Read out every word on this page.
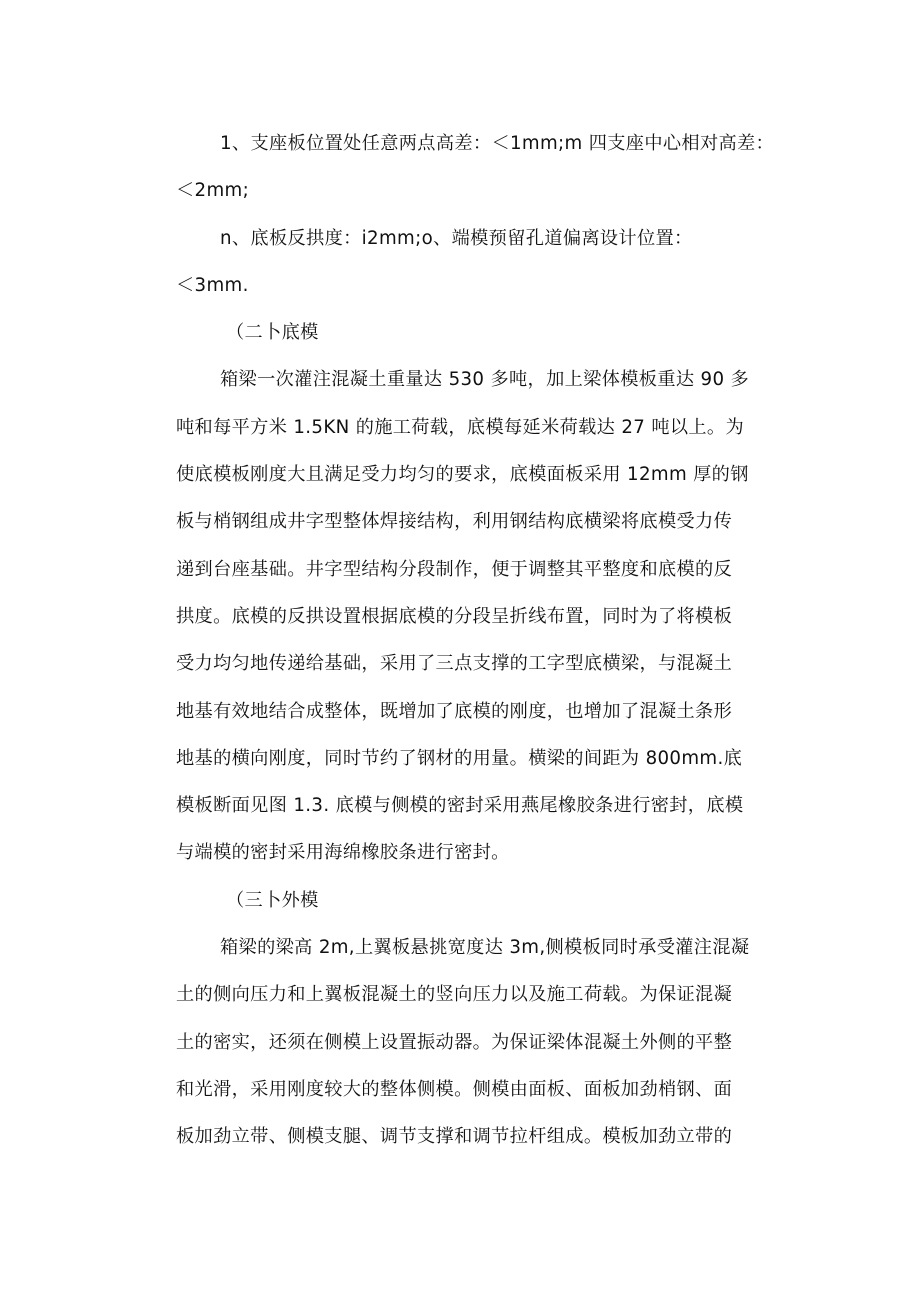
1、支座板位置处任意两点高差：＜1mm;m 四支座中心相对高差：
＜2mm;
n、底板反拱度：i2mm;o、端模预留孔道偏离设计位置：
＜3mm.
（二卜底模
箱梁一次灌注混凝土重量达 530 多吨，加上梁体模板重达 90 多
吨和每平方米 1.5KN 的施工荷载，底模每延米荷载达 27 吨以上。为
使底模板刚度大且满足受力均匀的要求，底模面板采用 12mm 厚的钢
板与梢钢组成井字型整体焊接结构，利用钢结构底横梁将底模受力传
递到台座基础。井字型结构分段制作，便于调整其平整度和底模的反
拱度。底模的反拱设置根据底模的分段呈折线布置，同时为了将模板
受力均匀地传递给基础，采用了三点支撑的工字型底横梁，与混凝土
地基有效地结合成整体，既增加了底模的刚度，也增加了混凝土条形
地基的横向刚度，同时节约了钢材的用量。横梁的间距为 800mm.底
模板断面见图 1.3. 底模与侧模的密封采用燕尾橡胶条进行密封，底模
与端模的密封采用海绵橡胶条进行密封。
（三卜外模
箱梁的梁高 2m,上翼板悬挑宽度达 3m,侧模板同时承受灌注混凝
土的侧向压力和上翼板混凝土的竖向压力以及施工荷载。为保证混凝
土的密实，还须在侧模上设置振动器。为保证梁体混凝土外侧的平整
和光滑，采用刚度较大的整体侧模。侧模由面板、面板加劲梢钢、面
板加劲立带、侧模支腿、调节支撑和调节拉杆组成。模板加劲立带的
